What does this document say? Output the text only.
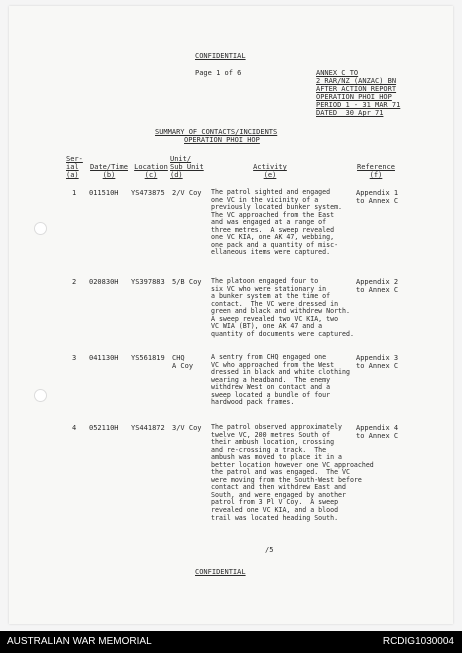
CONFIDENTIAL
Page 1 of 6	ANNEX C TO
2 RAR/NZ (ANZAC) BN
AFTER ACTION REPORT
OPERATION PHOI HOP
PERIOD 1 - 31 MAR 71
DATED  30 Apr 71
SUMMARY OF CONTACTS/INCIDENTS
OPERATION PHOI HOP
Ser-
ial
(a)
Date/Time
(b)
Location
(c)
Unit/
Sub Unit
(d)
Activity
(e)
Reference
(f)
1 011510H YS473875 2/V Coy The patrol sighted and engaged
one VC in the vicinity of a
previously located bunker system.
The VC approached from the East
and was engaged at a range of
three metres.  A sweep revealed
one VC KIA, one AK 47, webbing,
one pack and a quantity of misc-
ellaneous items were captured.
Appendix 1
to Annex C
2 020830H YS397883 5/B Coy The platoon engaged four to
six VC who were stationary in
a bunker system at the time of
contact.  The VC were dressed in
green and black and withdrew North.
A sweep revealed two VC KIA, two
VC WIA (BT), one AK 47 and a
quantity of documents were captured.
Appendix 2
to Annex C
3 041130H YS561819 CHQ
A Coy
A sentry from CHQ engaged one
VC who approached from the West
dressed in black and white clothing
wearing a headband.  The enemy
withdrew West on contact and a
sweep located a bundle of four
hardwood pack frames.
Appendix 3
to Annex C
4 052110H YS441872 3/V Coy The patrol observed approximately
twelve VC, 200 metres South of
their ambush location, crossing
and re-crossing a track.  The
ambush was moved to place it in a
better location however one VC approached
the patrol and was engaged.  The VC
were moving from the South-West before
contact and then withdrew East and
South, and were engaged by another
patrol from 3 Pl V Coy.  A sweep
revealed one VC KIA, and a blood
trail was located heading South.
Appendix 4
to Annex C
/5
CONFIDENTIAL
AUSTRALIAN WAR MEMORIAL	RCDIG1030004
